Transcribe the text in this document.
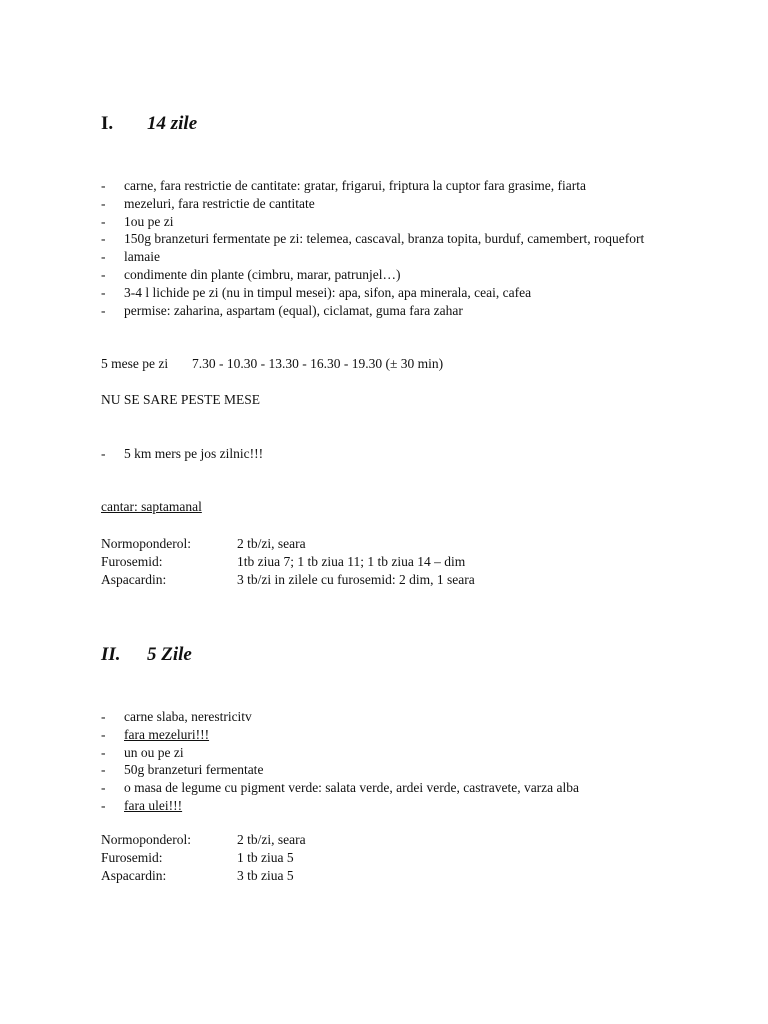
I. 14 zile
- carne, fara restrictie de cantitate: gratar, frigarui, friptura la cuptor fara grasime, fiarta
- mezeluri, fara restrictie de cantitate
- 1ou pe zi
- 150g branzeturi fermentate pe zi: telemea, cascaval, branza topita, burduf, camembert, roquefort
- lamaie
- condimente din plante (cimbru, marar, patrunjel…)
- 3-4 l lichide pe zi (nu in timpul mesei): apa, sifon, apa minerala, ceai, cafea
- permise: zaharina, aspartam (equal), ciclamat, guma fara zahar
5 mese pe zi 7.30 - 10.30 - 13.30 - 16.30 - 19.30 (± 30 min)
NU SE SARE PESTE MESE
- 5 km mers pe jos zilnic!!!
cantar: saptamanal
Normoponderol:	2 tb/zi, seara
Furosemid:	1tb ziua 7; 1 tb ziua 11; 1 tb ziua 14 – dim
Aspacardin:	3 tb/zi in zilele cu furosemid: 2 dim, 1 seara
II. 5 Zile
- carne slaba, nerestricitv
- fara mezeluri!!!
- un ou pe zi
- 50g branzeturi fermentate
- o masa de legume cu pigment verde: salata verde, ardei verde, castravete, varza alba
- fara ulei!!!
Normoponderol:	2 tb/zi, seara
Furosemid:	1 tb ziua 5
Aspacardin:	3 tb ziua 5
